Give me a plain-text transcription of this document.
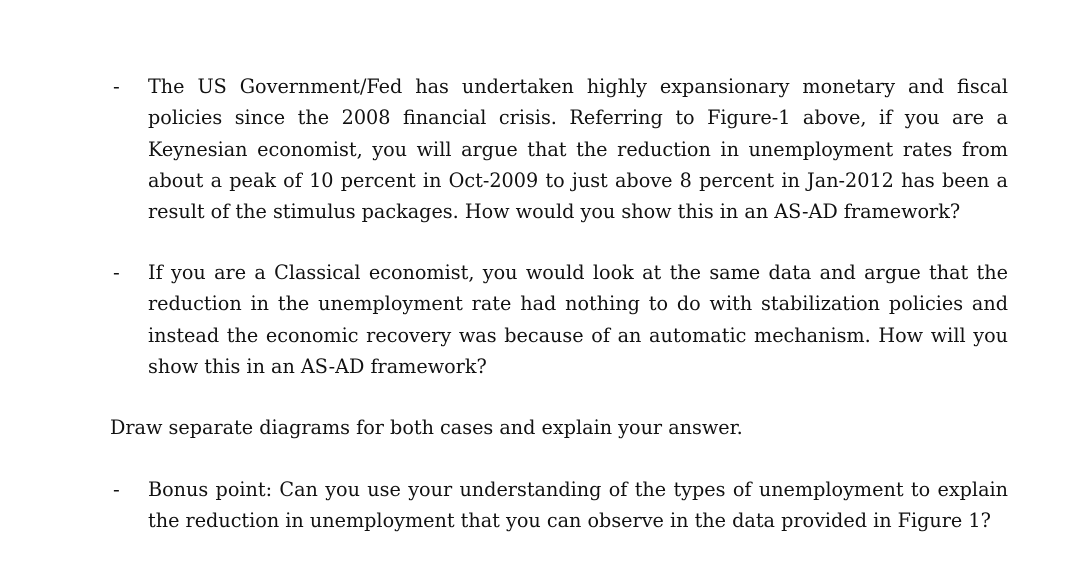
- The US Government/Fed has undertaken highly expansionary monetary and fiscal policies since the 2008 financial crisis. Referring to Figure-1 above, if you are a Keynesian economist, you will argue that the reduction in unemployment rates from about a peak of 10 percent in Oct-2009 to just above 8 percent in Jan-2012 has been a result of the stimulus packages. How would you show this in an AS-AD framework?

- If you are a Classical economist, you would look at the same data and argue that the reduction in the unemployment rate had nothing to do with stabilization policies and instead the economic recovery was because of an automatic mechanism. How will you show this in an AS-AD framework?

Draw separate diagrams for both cases and explain your answer.

- Bonus point: Can you use your understanding of the types of unemployment to explain the reduction in unemployment that you can observe in the data provided in Figure 1?
